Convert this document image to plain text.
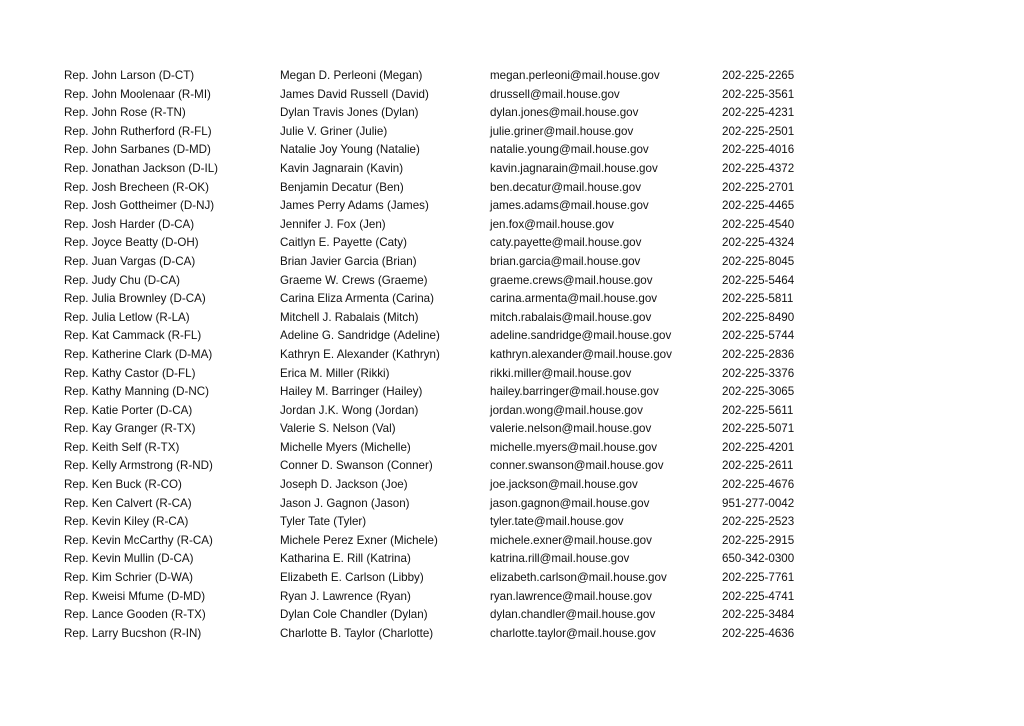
Rep. John Larson (D-CT)	Megan D. Perleoni (Megan)	megan.perleoni@mail.house.gov	202-225-2265
Rep. John Moolenaar (R-MI)	James David Russell (David)	drussell@mail.house.gov	202-225-3561
Rep. John Rose (R-TN)	Dylan Travis Jones (Dylan)	dylan.jones@mail.house.gov	202-225-4231
Rep. John Rutherford (R-FL)	Julie V. Griner (Julie)	julie.griner@mail.house.gov	202-225-2501
Rep. John Sarbanes (D-MD)	Natalie Joy Young (Natalie)	natalie.young@mail.house.gov	202-225-4016
Rep. Jonathan Jackson (D-IL)	Kavin Jagnarain (Kavin)	kavin.jagnarain@mail.house.gov	202-225-4372
Rep. Josh Brecheen (R-OK)	Benjamin Decatur (Ben)	ben.decatur@mail.house.gov	202-225-2701
Rep. Josh Gottheimer (D-NJ)	James Perry Adams (James)	james.adams@mail.house.gov	202-225-4465
Rep. Josh Harder (D-CA)	Jennifer J. Fox (Jen)	jen.fox@mail.house.gov	202-225-4540
Rep. Joyce Beatty (D-OH)	Caitlyn E. Payette (Caty)	caty.payette@mail.house.gov	202-225-4324
Rep. Juan Vargas (D-CA)	Brian Javier Garcia (Brian)	brian.garcia@mail.house.gov	202-225-8045
Rep. Judy Chu (D-CA)	Graeme W. Crews (Graeme)	graeme.crews@mail.house.gov	202-225-5464
Rep. Julia Brownley (D-CA)	Carina Eliza Armenta (Carina)	carina.armenta@mail.house.gov	202-225-5811
Rep. Julia Letlow (R-LA)	Mitchell J. Rabalais (Mitch)	mitch.rabalais@mail.house.gov	202-225-8490
Rep. Kat Cammack (R-FL)	Adeline G. Sandridge (Adeline)	adeline.sandridge@mail.house.gov	202-225-5744
Rep. Katherine Clark (D-MA)	Kathryn E. Alexander (Kathryn)	kathryn.alexander@mail.house.gov	202-225-2836
Rep. Kathy Castor (D-FL)	Erica M. Miller (Rikki)	rikki.miller@mail.house.gov	202-225-3376
Rep. Kathy Manning (D-NC)	Hailey M. Barringer (Hailey)	hailey.barringer@mail.house.gov	202-225-3065
Rep. Katie Porter (D-CA)	Jordan J.K. Wong (Jordan)	jordan.wong@mail.house.gov	202-225-5611
Rep. Kay Granger (R-TX)	Valerie S. Nelson (Val)	valerie.nelson@mail.house.gov	202-225-5071
Rep. Keith Self (R-TX)	Michelle Myers (Michelle)	michelle.myers@mail.house.gov	202-225-4201
Rep. Kelly Armstrong (R-ND)	Conner D. Swanson (Conner)	conner.swanson@mail.house.gov	202-225-2611
Rep. Ken Buck (R-CO)	Joseph D. Jackson (Joe)	joe.jackson@mail.house.gov	202-225-4676
Rep. Ken Calvert (R-CA)	Jason J. Gagnon (Jason)	jason.gagnon@mail.house.gov	951-277-0042
Rep. Kevin Kiley (R-CA)	Tyler Tate (Tyler)	tyler.tate@mail.house.gov	202-225-2523
Rep. Kevin McCarthy (R-CA)	Michele Perez Exner (Michele)	michele.exner@mail.house.gov	202-225-2915
Rep. Kevin Mullin (D-CA)	Katharina E. Rill (Katrina)	katrina.rill@mail.house.gov	650-342-0300
Rep. Kim Schrier (D-WA)	Elizabeth E. Carlson (Libby)	elizabeth.carlson@mail.house.gov	202-225-7761
Rep. Kweisi Mfume (D-MD)	Ryan J. Lawrence (Ryan)	ryan.lawrence@mail.house.gov	202-225-4741
Rep. Lance Gooden (R-TX)	Dylan Cole Chandler (Dylan)	dylan.chandler@mail.house.gov	202-225-3484
Rep. Larry Bucshon (R-IN)	Charlotte B. Taylor (Charlotte)	charlotte.taylor@mail.house.gov	202-225-4636
